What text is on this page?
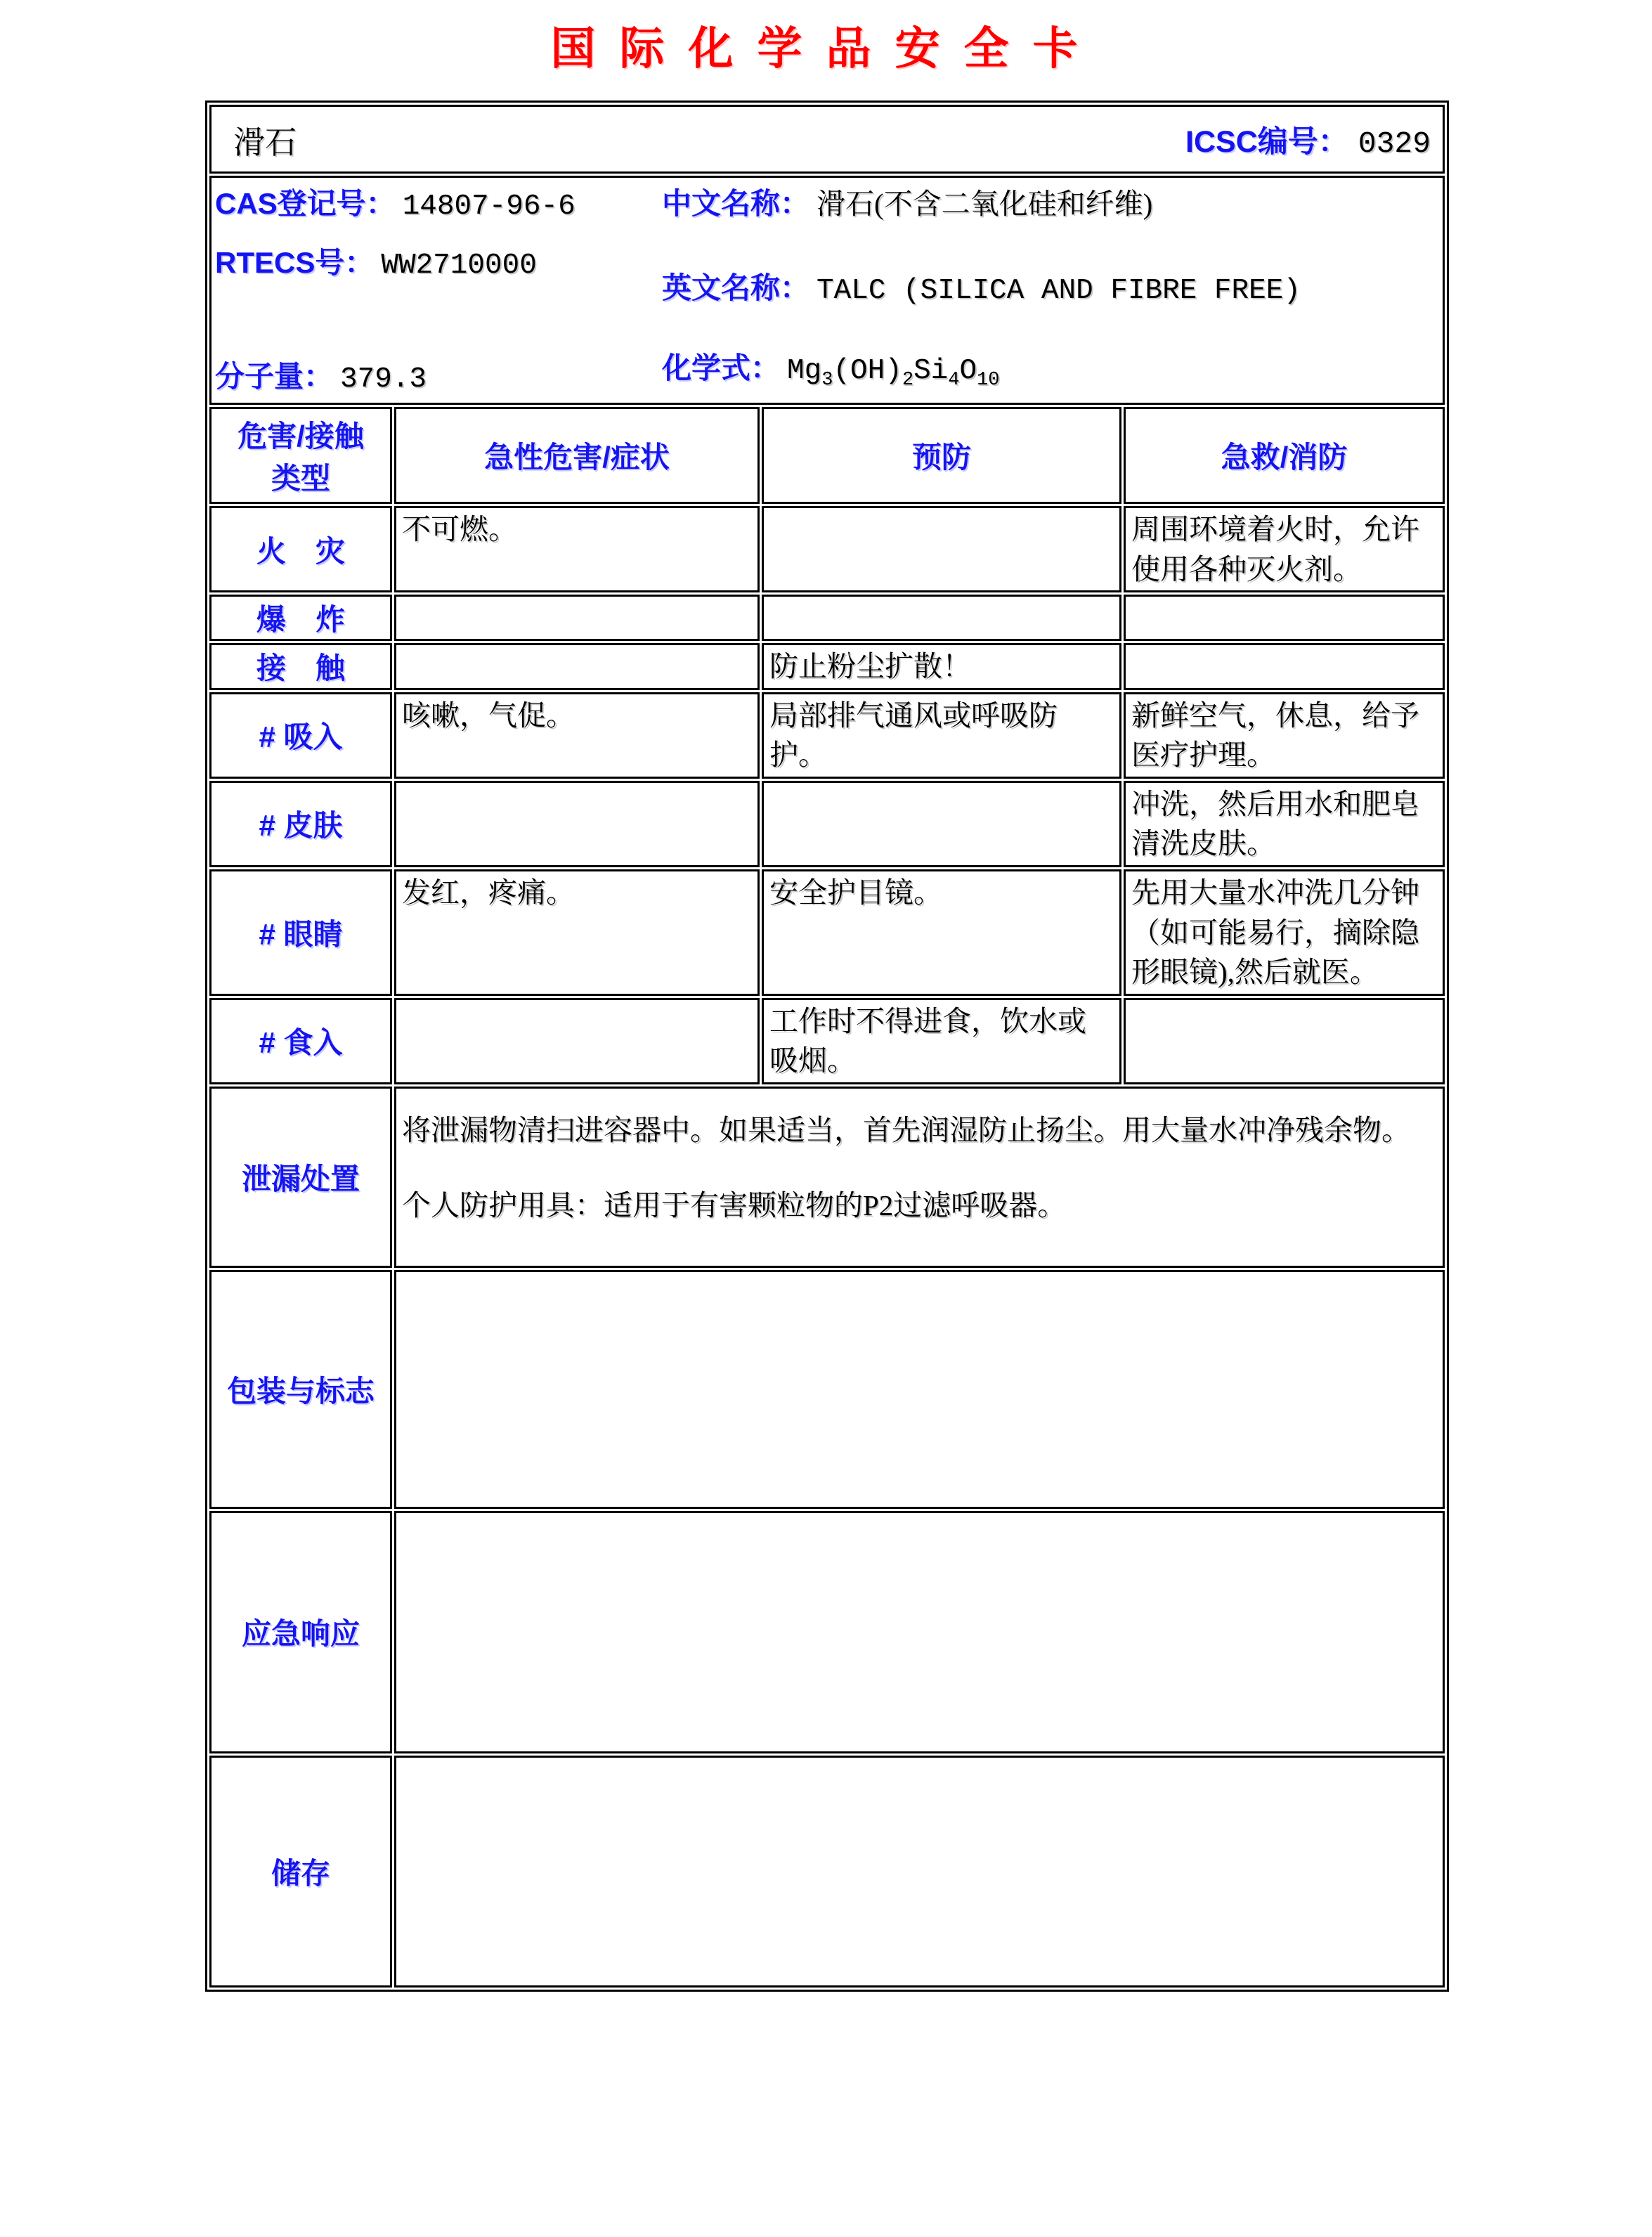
国际化学品安全卡
滑石 ICSC编号： 0329			

CAS登记号： 14807-96-6
RTECS号： WW2710000
分子量： 379.3
中文名称： 滑石(不含二氧化硅和纤维)
英文名称： TALC (SILICA AND FIBRE FREE)
化学式： $Mg_3(OH)_2Si_4O_{10}$

危害/接触类型	急性危害/症状	预防	急救/消防
火　灾	不可燃。		周围环境着火时，允许使用各种灭火剂。
爆　炸			
接　触		防止粉尘扩散！	
# 吸入	咳嗽，气促。	局部排气通风或呼吸防护。	新鲜空气，休息，给予医疗护理。
# 皮肤			冲洗，然后用水和肥皂清洗皮肤。
# 眼睛	发红，疼痛。	安全护目镜。	先用大量水冲洗几分钟（如可能易行，摘除隐形眼镜),然后就医。
# 食入		工作时不得进食，饮水或吸烟。	
泄漏处置	将泄漏物清扫进容器中。如果适当，首先润湿防止扬尘。用大量水冲净残余物。个人防护用具：适用于有害颗粒物的P2过滤呼吸器。		
包装与标志			
应急响应			
储存			
